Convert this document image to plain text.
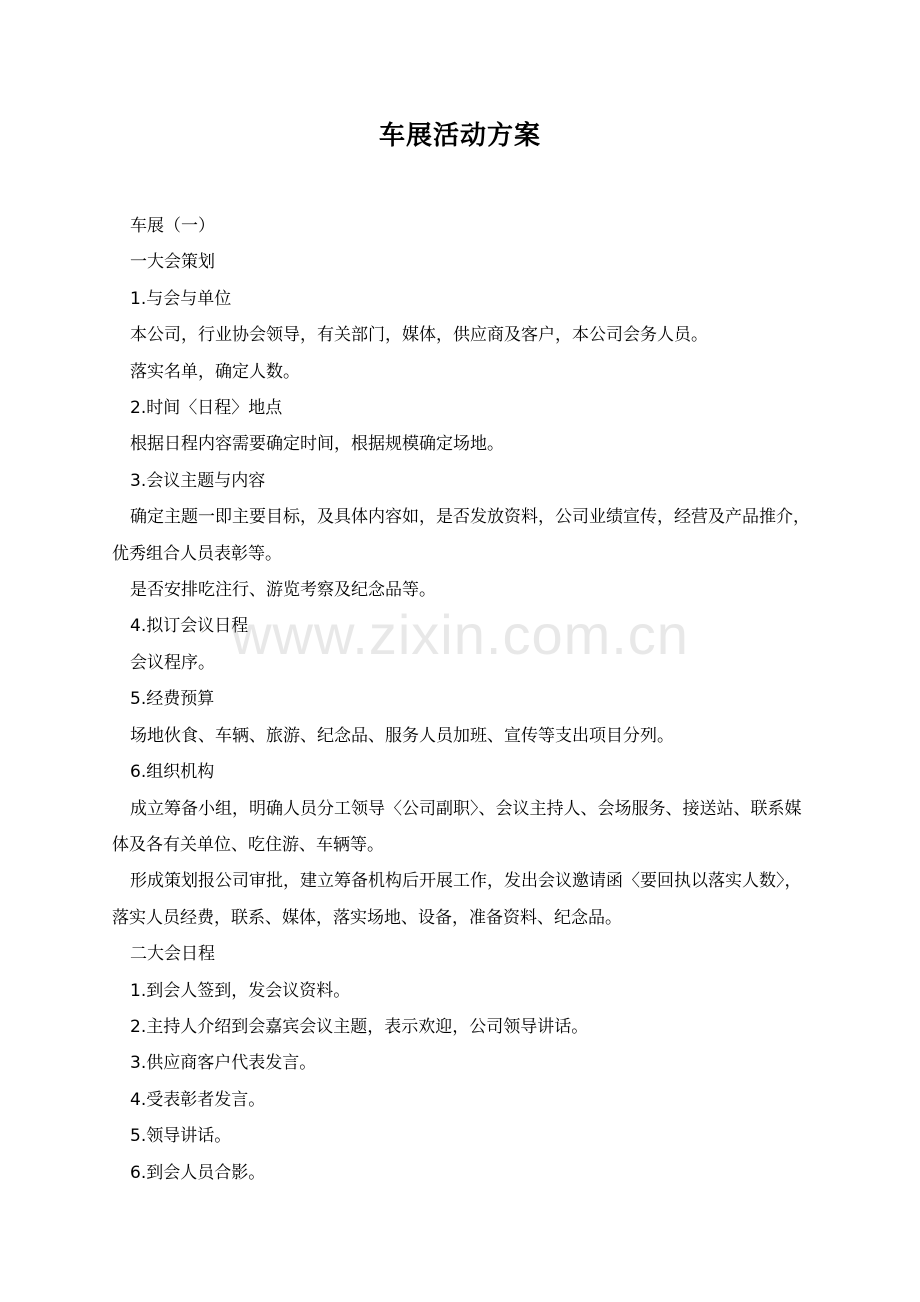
车展活动方案

车展（一）

一大会策划

1.与会与单位

本公司，行业协会领导，有关部门，媒体，供应商及客户，本公司会务人员。

落实名单，确定人数。

2.时间〈日程〉地点

根据日程内容需要确定时间，根据规模确定场地。

3.会议主题与内容

确定主题一即主要目标，及具体内容如，是否发放资料，公司业绩宣传，经营及产品推介，优秀组合人员表彰等。

是否安排吃注行、游览考察及纪念品等。

4.拟订会议日程

会议程序。

5.经费预算

场地伙食、车辆、旅游、纪念品、服务人员加班、宣传等支出项目分列。

6.组织机构

成立筹备小组，明确人员分工领导〈公司副职〉、会议主持人、会场服务、接送站、联系媒体及各有关单位、吃住游、车辆等。

形成策划报公司审批，建立筹备机构后开展工作，发出会议邀请函〈要回执以落实人数〉，落实人员经费，联系、媒体，落实场地、设备，准备资料、纪念品。

二大会日程

1.到会人签到，发会议资料。

2.主持人介绍到会嘉宾会议主题，表示欢迎，公司领导讲话。

3.供应商客户代表发言。

4.受表彰者发言。

5.领导讲话。

6.到会人员合影。

www.zixin.com.cn
